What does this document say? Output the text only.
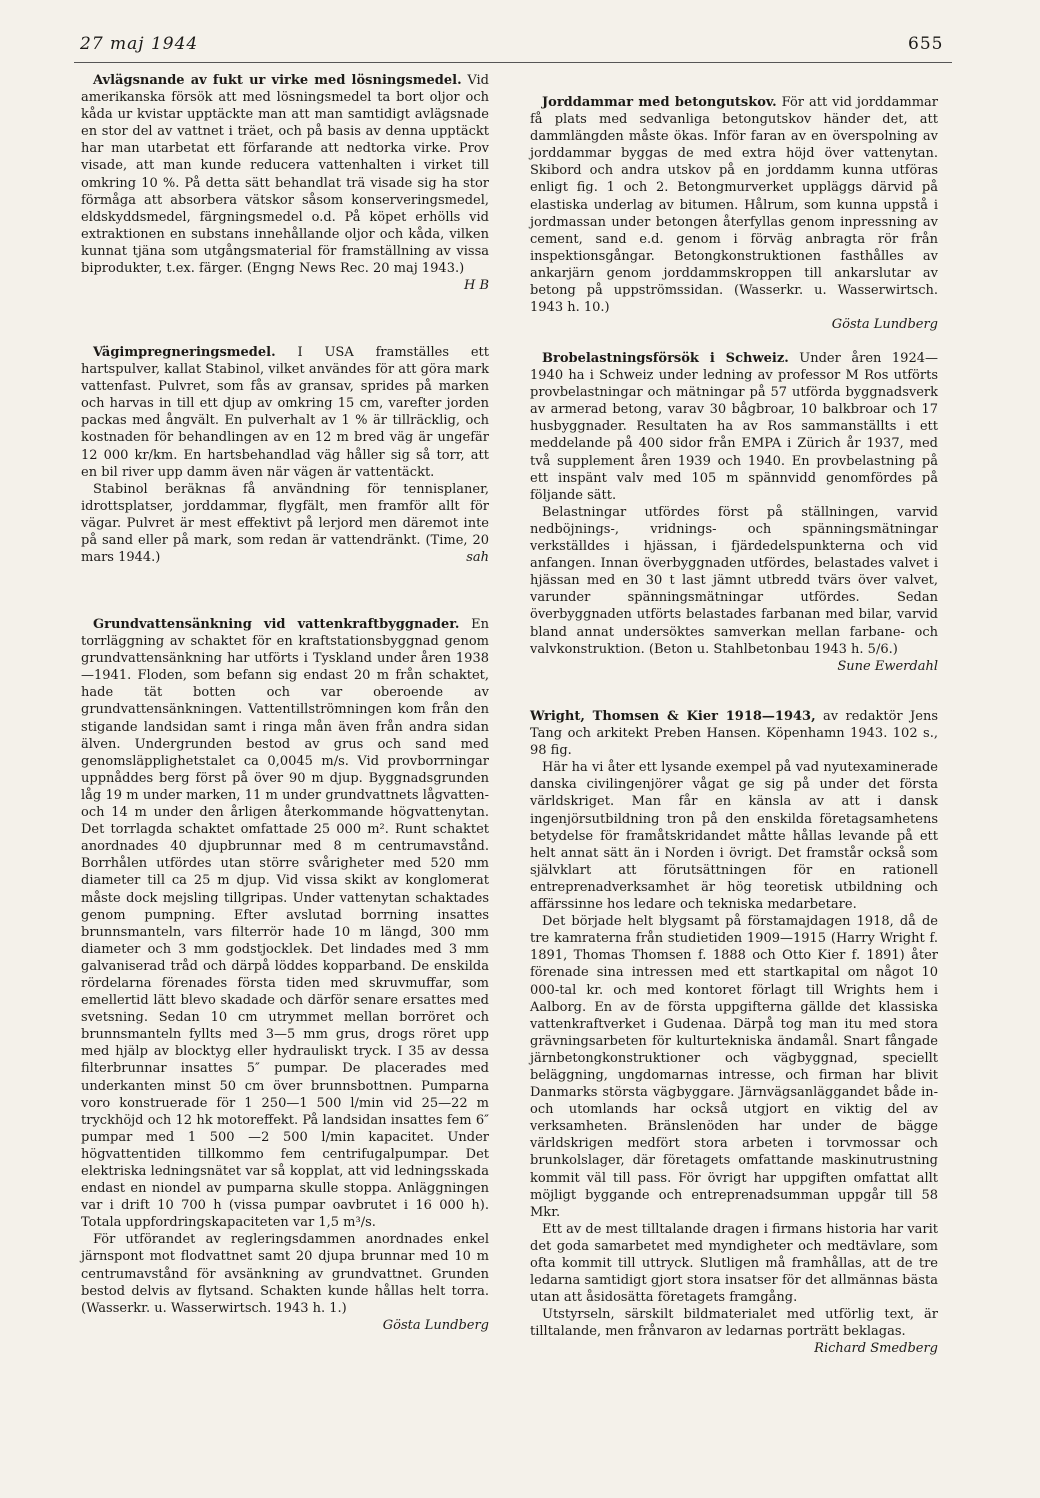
27 maj 1944	655

Avlägsnande av fukt ur virke med lösningsmedel. Vid amerikanska försök att med lösningsmedel ta bort oljor och kåda ur kvistar upptäckte man att man samtidigt avlägsnade en stor del av vattnet i träet, och på basis av denna upptäckt har man utarbetat ett förfarande att nedtorka virke. Prov visade, att man kunde reducera vattenhalten i virket till omkring 10 %. På detta sätt behandlat trä visade sig ha stor förmåga att absorbera vätskor såsom konserveringsmedel, eldskyddsmedel, färgningsmedel o.d. På köpet erhölls vid extraktionen en substans innehållande oljor och kåda, vilken kunnat tjäna som utgångsmaterial för framställning av vissa biprodukter, t.ex. färger. (Engng News Rec. 20 maj 1943.)
H B

Vägimpregneringsmedel. I USA framställes ett hartspulver, kallat Stabinol, vilket användes för att göra mark vattenfast. Pulvret, som fås av gransav, sprides på marken och harvas in till ett djup av omkring 15 cm, varefter jorden packas med ångvält. En pulverhalt av 1 % är tillräcklig, och kostnaden för behandlingen av en 12 m bred väg är ungefär 12 000 kr/km. En hartsbehandlad väg håller sig så torr, att en bil river upp damm även när vägen är vattentäckt.

Stabinol beräknas få användning för tennisplaner, idrottsplatser, jorddammar, flygfält, men framför allt för vägar. Pulvret är mest effektivt på lerjord men däremot inte på sand eller på mark, som redan är vattendränkt. (Time, 20 mars 1944.)	sah

Grundvattensänkning vid vattenkraftbyggnader. En torrläggning av schaktet för en kraftstationsbyggnad genom grundvattensänkning har utförts i Tyskland under åren 1938—1941. Floden, som befann sig endast 20 m från schaktet, hade tät botten och var oberoende av grundvattensänkningen. Vattentillströmningen kom från den stigande landsidan samt i ringa mån även från andra sidan älven. Undergrunden bestod av grus och sand med genomsläpplighetstalet ca 0,0045 m/s. Vid provborrningar uppnåddes berg först på över 90 m djup. Byggnadsgrunden låg 19 m under marken, 11 m under grundvattnets lågvatten- och 14 m under den årligen återkommande högvattenytan. Det torrlagda schaktet omfattade 25 000 m². Runt schaktet anordnades 40 djupbrunnar med 8 m centrumavstånd. Borrhålen utfördes utan större svårigheter med 520 mm diameter till ca 25 m djup. Vid vissa skikt av konglomerat måste dock mejsling tillgripas. Under vattenytan schaktades genom pumpning. Efter avslutad borrning insattes brunnsmanteln, vars filterrör hade 10 m längd, 300 mm diameter och 3 mm godstjocklek. Det lindades med 3 mm galvaniserad tråd och därpå löddes kopparband. De enskilda rördelarna förenades första tiden med skruvmuffar, som emellertid lätt blevo skadade och därför senare ersattes med svetsning. Sedan 10 cm utrymmet mellan borröret och brunnsmanteln fyllts med 3—5 mm grus, drogs röret upp med hjälp av blocktyg eller hydrauliskt tryck. I 35 av dessa filterbrunnar insattes 5″ pumpar. De placerades med underkanten minst 50 cm över brunnsbottnen. Pumparna voro konstruerade för 1 250—1 500 l/min vid 25—22 m tryckhöjd och 12 hk motoreffekt. På landsidan insattes fem 6″ pumpar med 1 500 —2 500 l/min kapacitet. Under högvattentiden tillkommo fem centrifugalpumpar. Det elektriska ledningsnätet var så kopplat, att vid ledningsskada endast en niondel av pumparna skulle stoppa. Anläggningen var i drift 10 700 h (vissa pumpar oavbrutet i 16 000 h). Totala uppfordringskapaciteten var 1,5 m³/s.

För utförandet av regleringsdammen anordnades enkel järnspont mot flodvattnet samt 20 djupa brunnar med 10 m centrumavstånd för avsänkning av grundvattnet. Grunden bestod delvis av flytsand. Schakten kunde hållas helt torra. (Wasserkr. u. Wasserwirtsch. 1943 h. 1.)

Gösta Lundberg

Jorddammar med betongutskov. För att vid jorddammar få plats med sedvanliga betongutskov händer det, att dammlängden måste ökas. Inför faran av en överspolning av jorddammar byggas de med extra höjd över vattenytan. Skibord och andra utskov på en jorddamm kunna utföras enligt fig. 1 och 2. Betongmurverket uppläggs därvid på elastiska underlag av bitumen. Hålrum, som kunna uppstå i jordmassan under betongen återfyllas genom inpressning av cement, sand e.d. genom i förväg anbragta rör från inspektionsgångar. Betongkonstruktionen fasthålles av ankarjärn genom jorddammskroppen till ankarslutar av betong på uppströmssidan. (Wasserkr. u. Wasserwirtsch. 1943 h. 10.)

Gösta Lundberg

Brobelastningsförsök i Schweiz. Under åren 1924—1940 ha i Schweiz under ledning av professor M Ros utförts provbelastningar och mätningar på 57 utförda byggnadsverk av armerad betong, varav 30 bågbroar, 10 balkbroar och 17 husbyggnader. Resultaten ha av Ros sammanställts i ett meddelande på 400 sidor från EMPA i Zürich år 1937, med två supplement åren 1939 och 1940. En provbelastning på ett inspänt valv med 105 m spännvidd genomfördes på följande sätt.

Belastningar utfördes först på ställningen, varvid nedböjnings-, vridnings- och spänningsmätningar verkställdes i hjässan, i fjärdedelspunkterna och vid anfangen. Innan överbyggnaden utfördes, belastades valvet i hjässan med en 30 t last jämnt utbredd tvärs över valvet, varunder spänningsmätningar utfördes. Sedan överbyggnaden utförts belastades farbanan med bilar, varvid bland annat undersöktes samverkan mellan farbane- och valvkonstruktion. (Beton u. Stahlbetonbau 1943 h. 5/6.)
Sune Ewerdahl

Wright, Thomsen & Kier 1918—1943, av redaktör Jens Tang och arkitekt Preben Hansen. Köpenhamn 1943. 102 s., 98 fig.

Här ha vi åter ett lysande exempel på vad nyutexaminerade danska civilingenjörer vågat ge sig på under det första världskriget. Man får en känsla av att i dansk ingenjörsutbildning tron på den enskilda företagsamhetens betydelse för framåtskridandet måtte hållas levande på ett helt annat sätt än i Norden i övrigt. Det framstår också som självklart att förutsättningen för en rationell entreprenadverksamhet är hög teoretisk utbildning och affärssinne hos ledare och tekniska medarbetare.

Det började helt blygsamt på förstamajdagen 1918, då de tre kamraterna från studietiden 1909—1915 (Harry Wright f. 1891, Thomas Thomsen f. 1888 och Otto Kier f. 1891) åter förenade sina intressen med ett startkapital om något 10 000-tal kr. och med kontoret förlagt till Wrights hem i Aalborg. En av de första uppgifterna gällde det klassiska vattenkraftverket i Gudenaa. Därpå tog man itu med stora grävningsarbeten för kulturtekniska ändamål. Snart fångade järnbetongkonstruktioner och vägbyggnad, speciellt beläggning, ungdomarnas intresse, och firman har blivit Danmarks största vägbyggare. Järnvägsanläggandet både in- och utomlands har också utgjort en viktig del av verksamheten. Bränslenöden har under de bägge världskrigen medfört stora arbeten i torvmossar och brunkolslager, där företagets omfattande maskinutrustning kommit väl till pass. För övrigt har uppgiften omfattat allt möjligt byggande och entreprenadsumman uppgår till 58 Mkr.

Ett av de mest tilltalande dragen i firmans historia har varit det goda samarbetet med myndigheter och medtävlare, som ofta kommit till uttryck. Slutligen må framhållas, att de tre ledarna samtidigt gjort stora insatser för det allmännas bästa utan att åsidosätta företagets framgång.

Utstyrseln, särskilt bildmaterialet med utförlig text, är tilltalande, men frånvaron av ledarnas porträtt beklagas.

Richard Smedberg
